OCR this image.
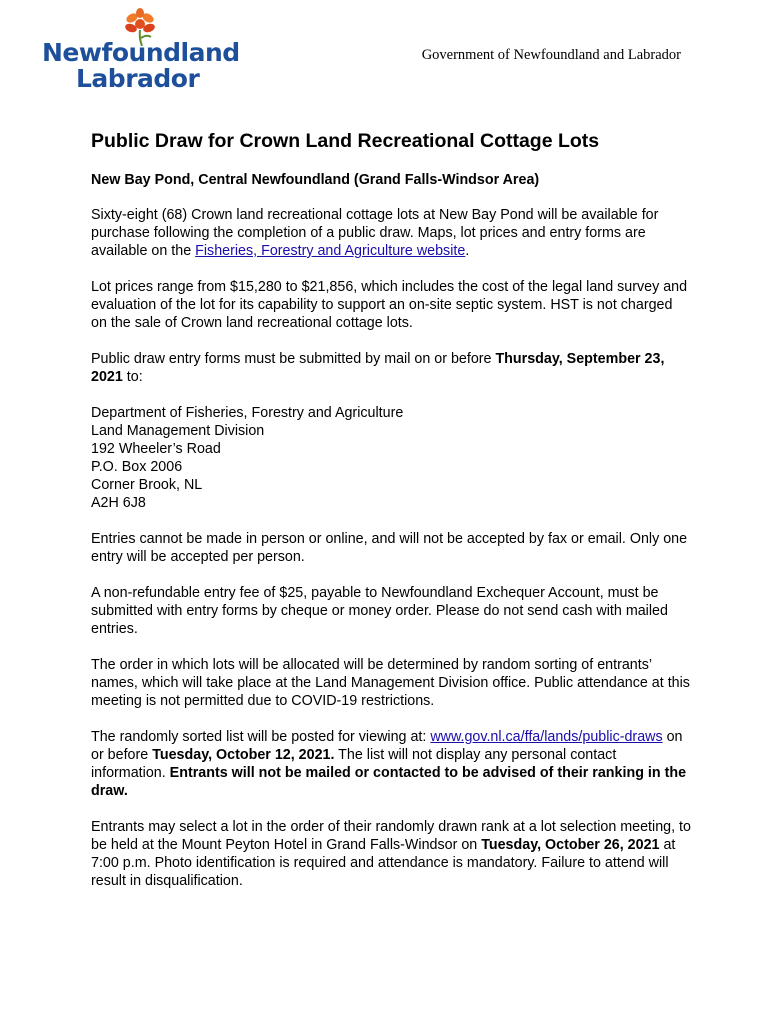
Newfoundland
Labrador
Government of Newfoundland and Labrador
Public Draw for Crown Land Recreational Cottage Lots
New Bay Pond, Central Newfoundland (Grand Falls-Windsor Area)

Sixty-eight (68) Crown land recreational cottage lots at New Bay Pond will be available for purchase following the completion of a public draw. Maps, lot prices and entry forms are available on the Fisheries, Forestry and Agriculture website.

Lot prices range from $15,280 to $21,856, which includes the cost of the legal land survey and evaluation of the lot for its capability to support an on-site septic system. HST is not charged on the sale of Crown land recreational cottage lots.

Public draw entry forms must be submitted by mail on or before Thursday, September 23, 2021 to:

Department of Fisheries, Forestry and Agriculture
Land Management Division
192 Wheeler’s Road
P.O. Box 2006
Corner Brook, NL
A2H 6J8

Entries cannot be made in person or online, and will not be accepted by fax or email. Only one entry will be accepted per person.

A non-refundable entry fee of $25, payable to Newfoundland Exchequer Account, must be submitted with entry forms by cheque or money order. Please do not send cash with mailed entries.

The order in which lots will be allocated will be determined by random sorting of entrants’ names, which will take place at the Land Management Division office. Public attendance at this meeting is not permitted due to COVID-19 restrictions.

The randomly sorted list will be posted for viewing at: www.gov.nl.ca/ffa/lands/public-draws on or before Tuesday, October 12, 2021. The list will not display any personal contact information. Entrants will not be mailed or contacted to be advised of their ranking in the draw.

Entrants may select a lot in the order of their randomly drawn rank at a lot selection meeting, to be held at the Mount Peyton Hotel in Grand Falls-Windsor on Tuesday, October 26, 2021 at 7:00 p.m. Photo identification is required and attendance is mandatory. Failure to attend will result in disqualification.
